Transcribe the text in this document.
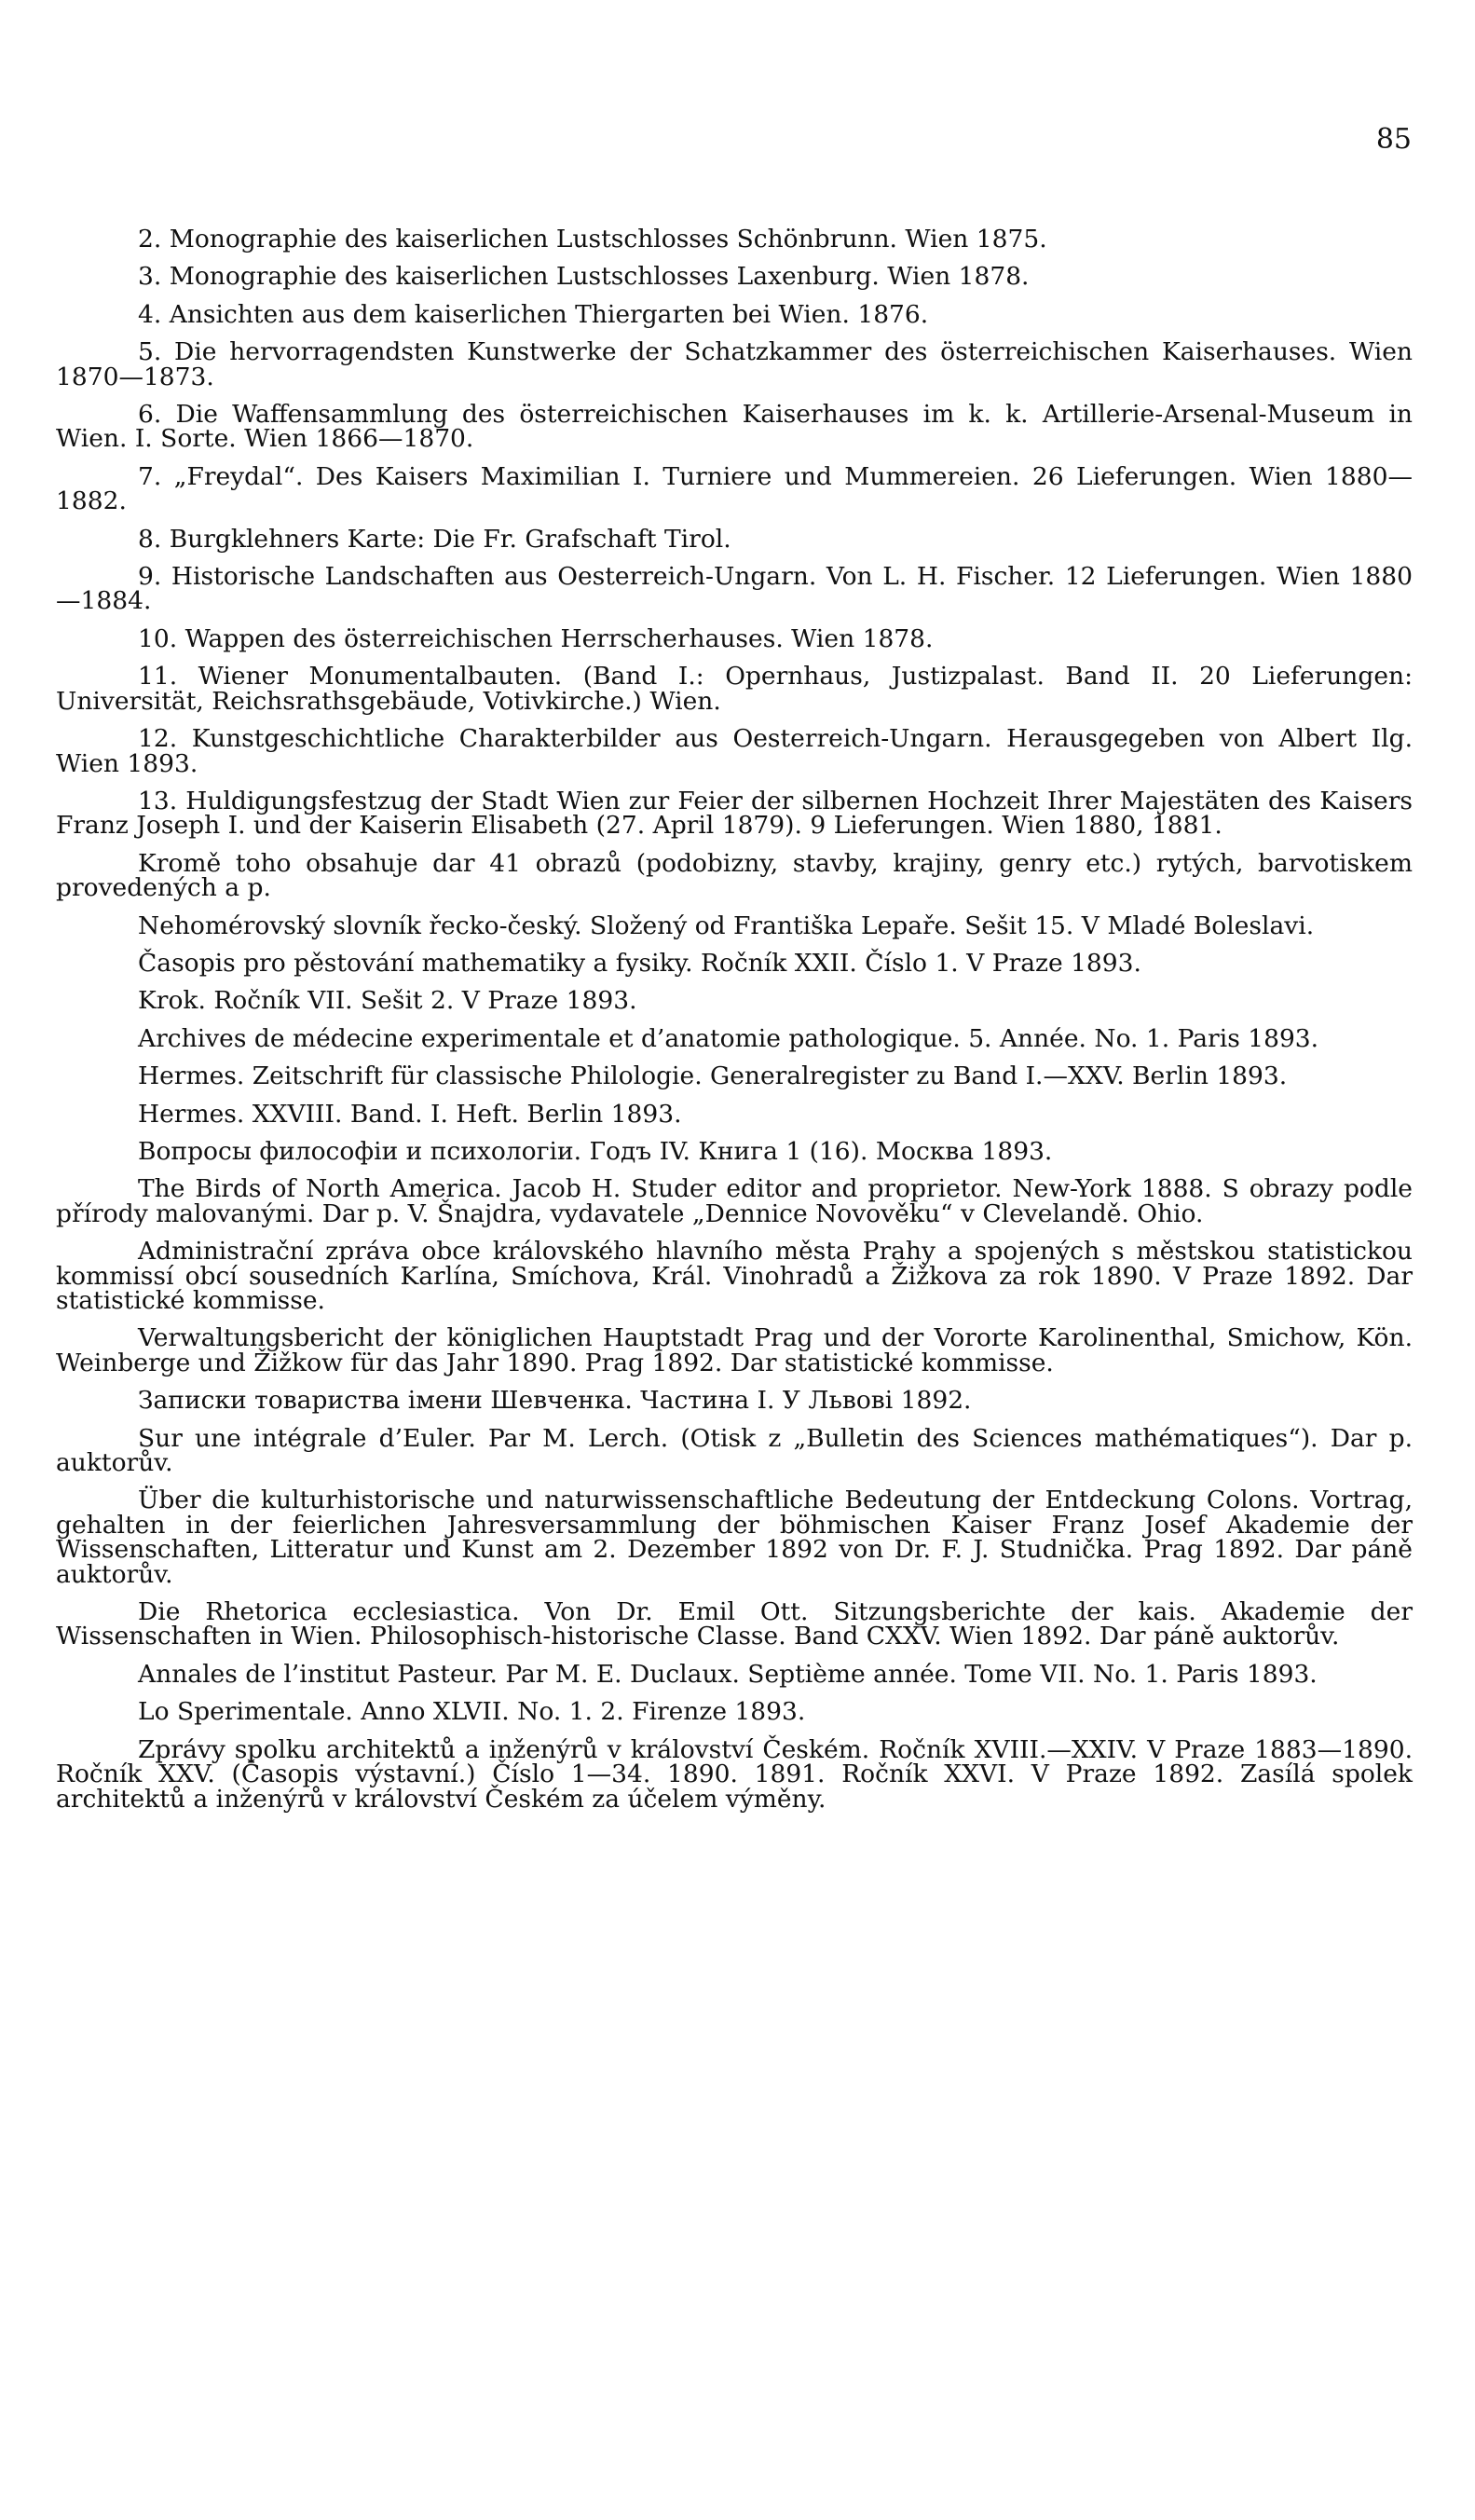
85

2. Monographie des kaiserlichen Lustschlosses Schönbrunn. Wien 1875.

3. Monographie des kaiserlichen Lustschlosses Laxenburg. Wien 1878.

4. Ansichten aus dem kaiserlichen Thiergarten bei Wien. 1876.

5. Die hervorragendsten Kunstwerke der Schatzkammer des österreichischen Kaiserhauses. Wien 1870—1873.

6. Die Waffensammlung des österreichischen Kaiserhauses im k. k. Artillerie-Arsenal-Museum in Wien. I. Sorte. Wien 1866—1870.

7. „Freydal“. Des Kaisers Maximilian I. Turniere und Mummereien. 26 Lieferungen. Wien 1880—1882.

8. Burgklehners Karte: Die Fr. Grafschaft Tirol.

9. Historische Landschaften aus Oesterreich-Ungarn. Von L. H. Fischer. 12 Lieferungen. Wien 1880—1884.

10. Wappen des österreichischen Herrscherhauses. Wien 1878.

11. Wiener Monumentalbauten. (Band I.: Opernhaus, Justizpalast. Band II. 20 Lieferungen: Universität, Reichsrathsgebäude, Votivkirche.) Wien.

12. Kunstgeschichtliche Charakterbilder aus Oesterreich-Ungarn. Herausgegeben von Albert Ilg. Wien 1893.

13. Huldigungsfestzug der Stadt Wien zur Feier der silbernen Hochzeit Ihrer Majestäten des Kaisers Franz Joseph I. und der Kaiserin Elisabeth (27. April 1879). 9 Lieferungen. Wien 1880, 1881.

Kromě toho obsahuje dar 41 obrazů (podobizny, stavby, krajiny, genry etc.) rytých, barvotiskem provedených a p.

Nehomérovský slovník řecko-český. Složený od Františka Lepaře. Sešit 15. V Mladé Boleslavi.

Časopis pro pěstování mathematiky a fysiky. Ročník XXII. Číslo 1. V Praze 1893.

Krok. Ročník VII. Sešit 2. V Praze 1893.

Archives de médecine experimentale et d’anatomie pathologique. 5. Année. No. 1. Paris 1893.

Hermes. Zeitschrift für classische Philologie. Generalregister zu Band I.—XXV. Berlin 1893.

Hermes. XXVIII. Band. I. Heft. Berlin 1893.

Вопросы философіи и психологіи. Годъ IV. Книга 1 (16). Москва 1893.

The Birds of North America. Jacob H. Studer editor and proprietor. New-York 1888. S obrazy podle přírody malovanými. Dar p. V. Šnajdra, vydavatele „Dennice Novověku“ v Clevelandě. Ohio.

Administrační zpráva obce královského hlavního města Prahy a spojených s městskou statistickou kommissí obcí sousedních Karlína, Smíchova, Král. Vinohradů a Žižkova za rok 1890. V Praze 1892. Dar statistické kommisse.

Verwaltungsbericht der königlichen Hauptstadt Prag und der Vororte Karolinenthal, Smichow, Kön. Weinberge und Žižkow für das Jahr 1890. Prag 1892. Dar statistické kommisse.

Записки товариства імени Шевченка. Частина I. У Львові 1892.

Sur une intégrale d’Euler. Par M. Lerch. (Otisk z „Bulletin des Sciences mathématiques“). Dar p. auktorův.

Über die kulturhistorische und naturwissenschaftliche Bedeutung der Entdeckung Colons. Vortrag, gehalten in der feierlichen Jahresversammlung der böhmischen Kaiser Franz Josef Akademie der Wissenschaften, Litteratur und Kunst am 2. Dezember 1892 von Dr. F. J. Studnička. Prag 1892. Dar páně auktorův.

Die Rhetorica ecclesiastica. Von Dr. Emil Ott. Sitzungsberichte der kais. Akademie der Wissenschaften in Wien. Philosophisch-historische Classe. Band CXXV. Wien 1892. Dar páně auktorův.

Annales de l’institut Pasteur. Par M. E. Duclaux. Septième année. Tome VII. No. 1. Paris 1893.

Lo Sperimentale. Anno XLVII. No. 1. 2. Firenze 1893.

Zprávy spolku architektů a inženýrů v království Českém. Ročník XVIII.—XXIV. V Praze 1883—1890. Ročník XXV. (Časopis výstavní.) Číslo 1—34. 1890. 1891. Ročník XXVI. V Praze 1892. Zasílá spolek architektů a inženýrů v království Českém za účelem výměny.
